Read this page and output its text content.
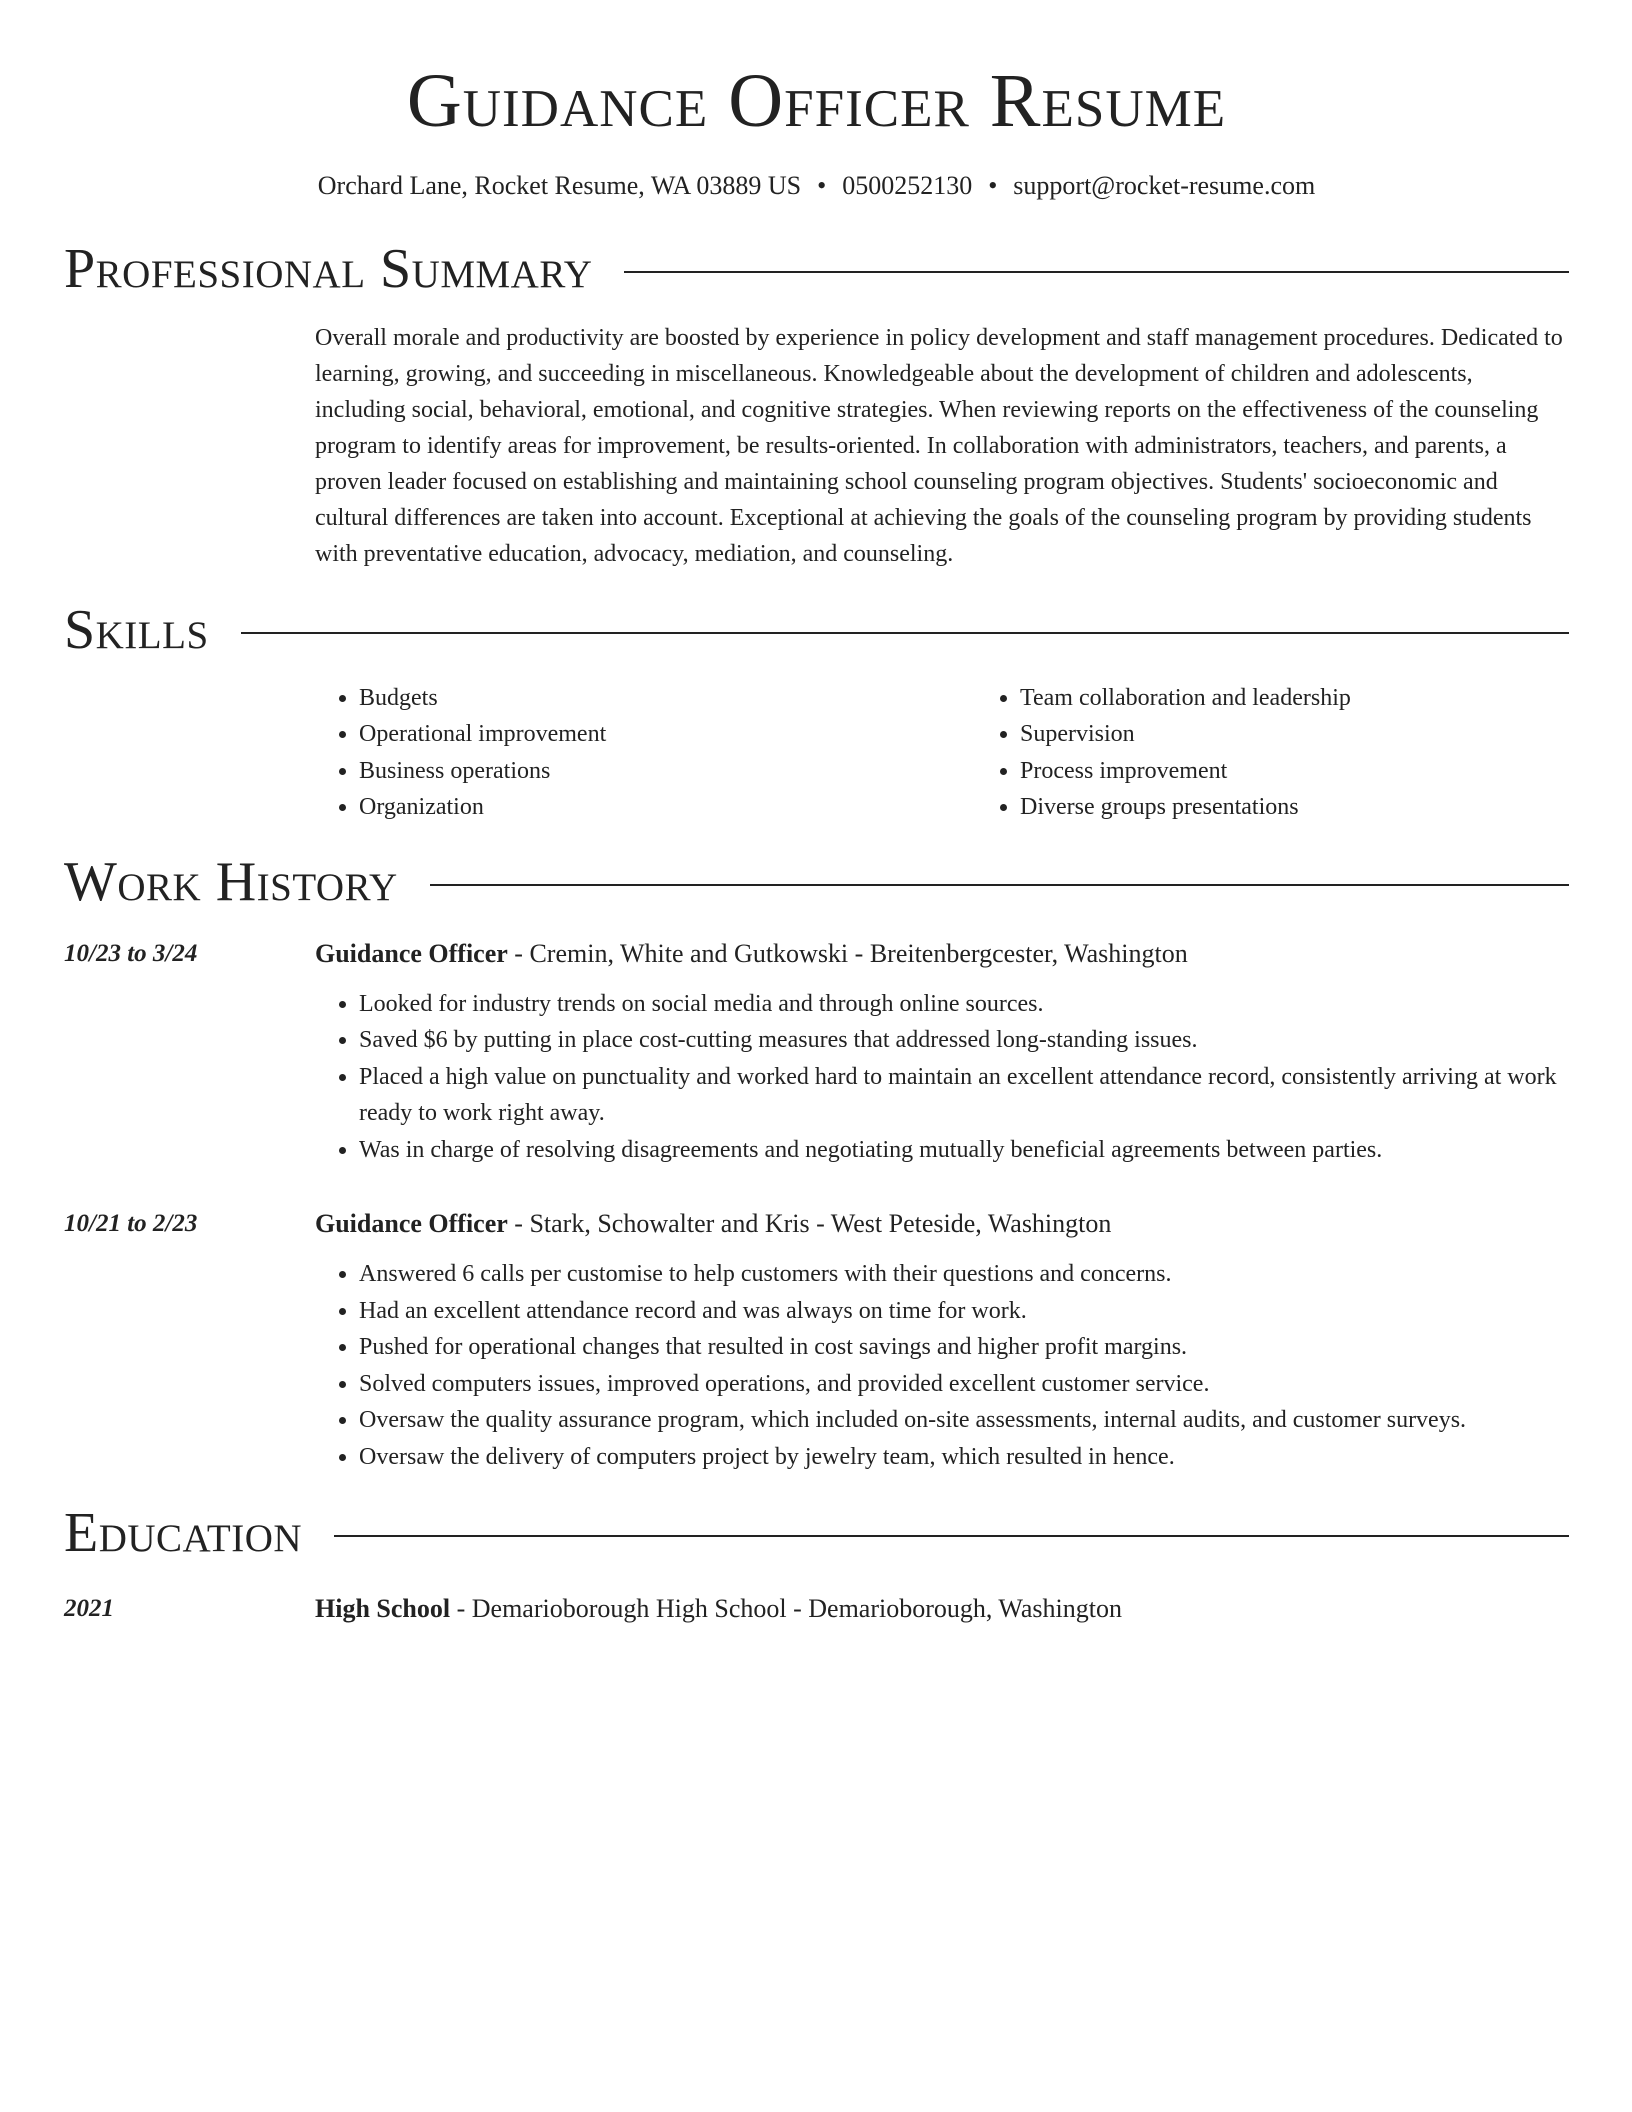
Guidance Officer Resume
Orchard Lane, Rocket Resume, WA 03889 US • 0500252130 • support@rocket-resume.com
Professional Summary
Overall morale and productivity are boosted by experience in policy development and staff management procedures. Dedicated to learning, growing, and succeeding in miscellaneous. Knowledgeable about the development of children and adolescents, including social, behavioral, emotional, and cognitive strategies. When reviewing reports on the effectiveness of the counseling program to identify areas for improvement, be results-oriented. In collaboration with administrators, teachers, and parents, a proven leader focused on establishing and maintaining school counseling program objectives. Students' socioeconomic and cultural differences are taken into account. Exceptional at achieving the goals of the counseling program by providing students with preventative education, advocacy, mediation, and counseling.
Skills
• Budgets
• Operational improvement
• Business operations
• Organization
• Team collaboration and leadership
• Supervision
• Process improvement
• Diverse groups presentations
Work History
10/23 to 3/24	Guidance Officer - Cremin, White and Gutkowski - Breitenbergcester, Washington
• Looked for industry trends on social media and through online sources.
• Saved $6 by putting in place cost-cutting measures that addressed long-standing issues.
• Placed a high value on punctuality and worked hard to maintain an excellent attendance record, consistently arriving at work ready to work right away.
• Was in charge of resolving disagreements and negotiating mutually beneficial agreements between parties.
10/21 to 2/23	Guidance Officer - Stark, Schowalter and Kris - West Peteside, Washington
• Answered 6 calls per customise to help customers with their questions and concerns.
• Had an excellent attendance record and was always on time for work.
• Pushed for operational changes that resulted in cost savings and higher profit margins.
• Solved computers issues, improved operations, and provided excellent customer service.
• Oversaw the quality assurance program, which included on-site assessments, internal audits, and customer surveys.
• Oversaw the delivery of computers project by jewelry team, which resulted in hence.
Education
2021	High School - Demarioborough High School - Demarioborough, Washington
